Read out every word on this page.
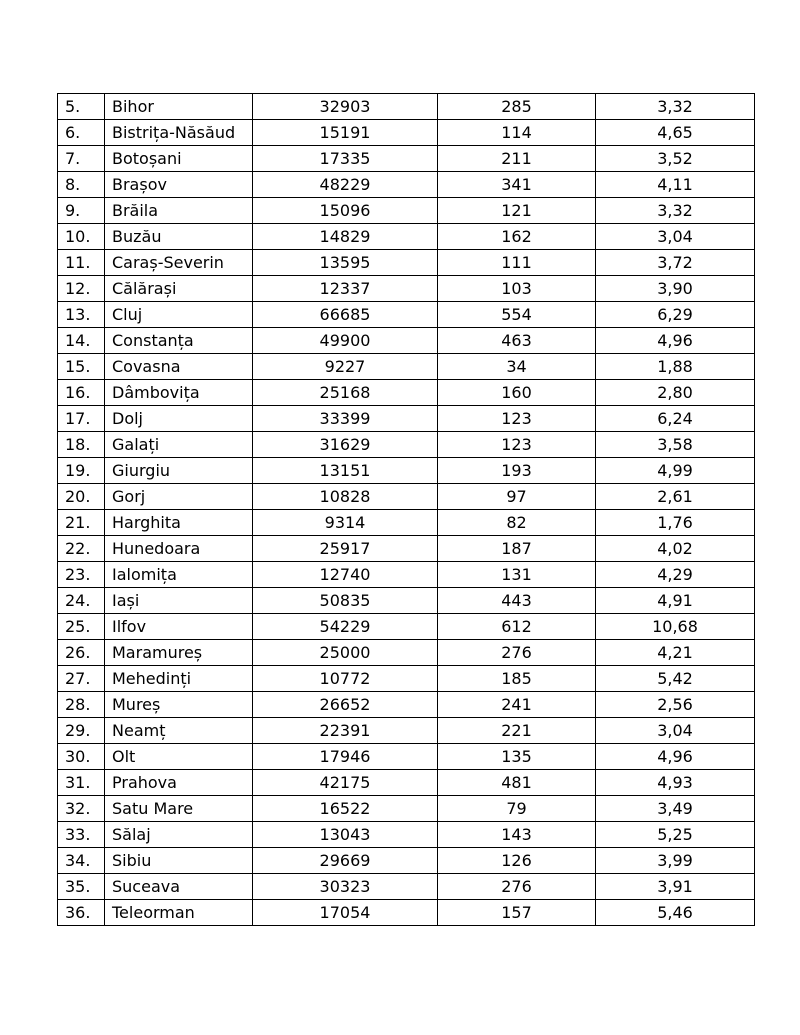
5.	Bihor	32903	285	3,32
6.	Bistrița-Năsăud	15191	114	4,65
7.	Botoșani	17335	211	3,52
8.	Brașov	48229	341	4,11
9.	Brăila	15096	121	3,32
10.	Buzău	14829	162	3,04
11.	Caraș-Severin	13595	111	3,72
12.	Călărași	12337	103	3,90
13.	Cluj	66685	554	6,29
14.	Constanța	49900	463	4,96
15.	Covasna	9227	34	1,88
16.	Dâmbovița	25168	160	2,80
17.	Dolj	33399	123	6,24
18.	Galați	31629	123	3,58
19.	Giurgiu	13151	193	4,99
20.	Gorj	10828	97	2,61
21.	Harghita	9314	82	1,76
22.	Hunedoara	25917	187	4,02
23.	Ialomița	12740	131	4,29
24.	Iași	50835	443	4,91
25.	Ilfov	54229	612	10,68
26.	Maramureș	25000	276	4,21
27.	Mehedinți	10772	185	5,42
28.	Mureș	26652	241	2,56
29.	Neamț	22391	221	3,04
30.	Olt	17946	135	4,96
31.	Prahova	42175	481	4,93
32.	Satu Mare	16522	79	3,49
33.	Sălaj	13043	143	5,25
34.	Sibiu	29669	126	3,99
35.	Suceava	30323	276	3,91
36.	Teleorman	17054	157	5,46
